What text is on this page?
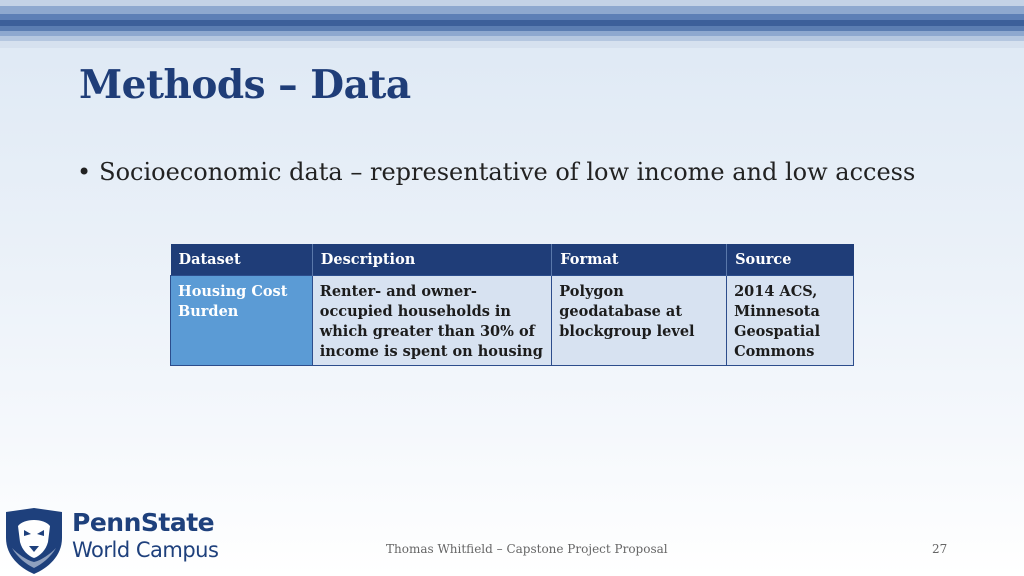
Methods – Data
• Socioeconomic data – representative of low income and low access
Dataset	Description	Format	Source
Housing Cost Burden	Renter- and owner-occupied households in which greater than 30% of income is spent on housing	Polygon geodatabase at blockgroup level	2014 ACS, Minnesota Geospatial Commons

PennState

World Campus	Thomas Whitfield – Capstone Project Proposal	27
